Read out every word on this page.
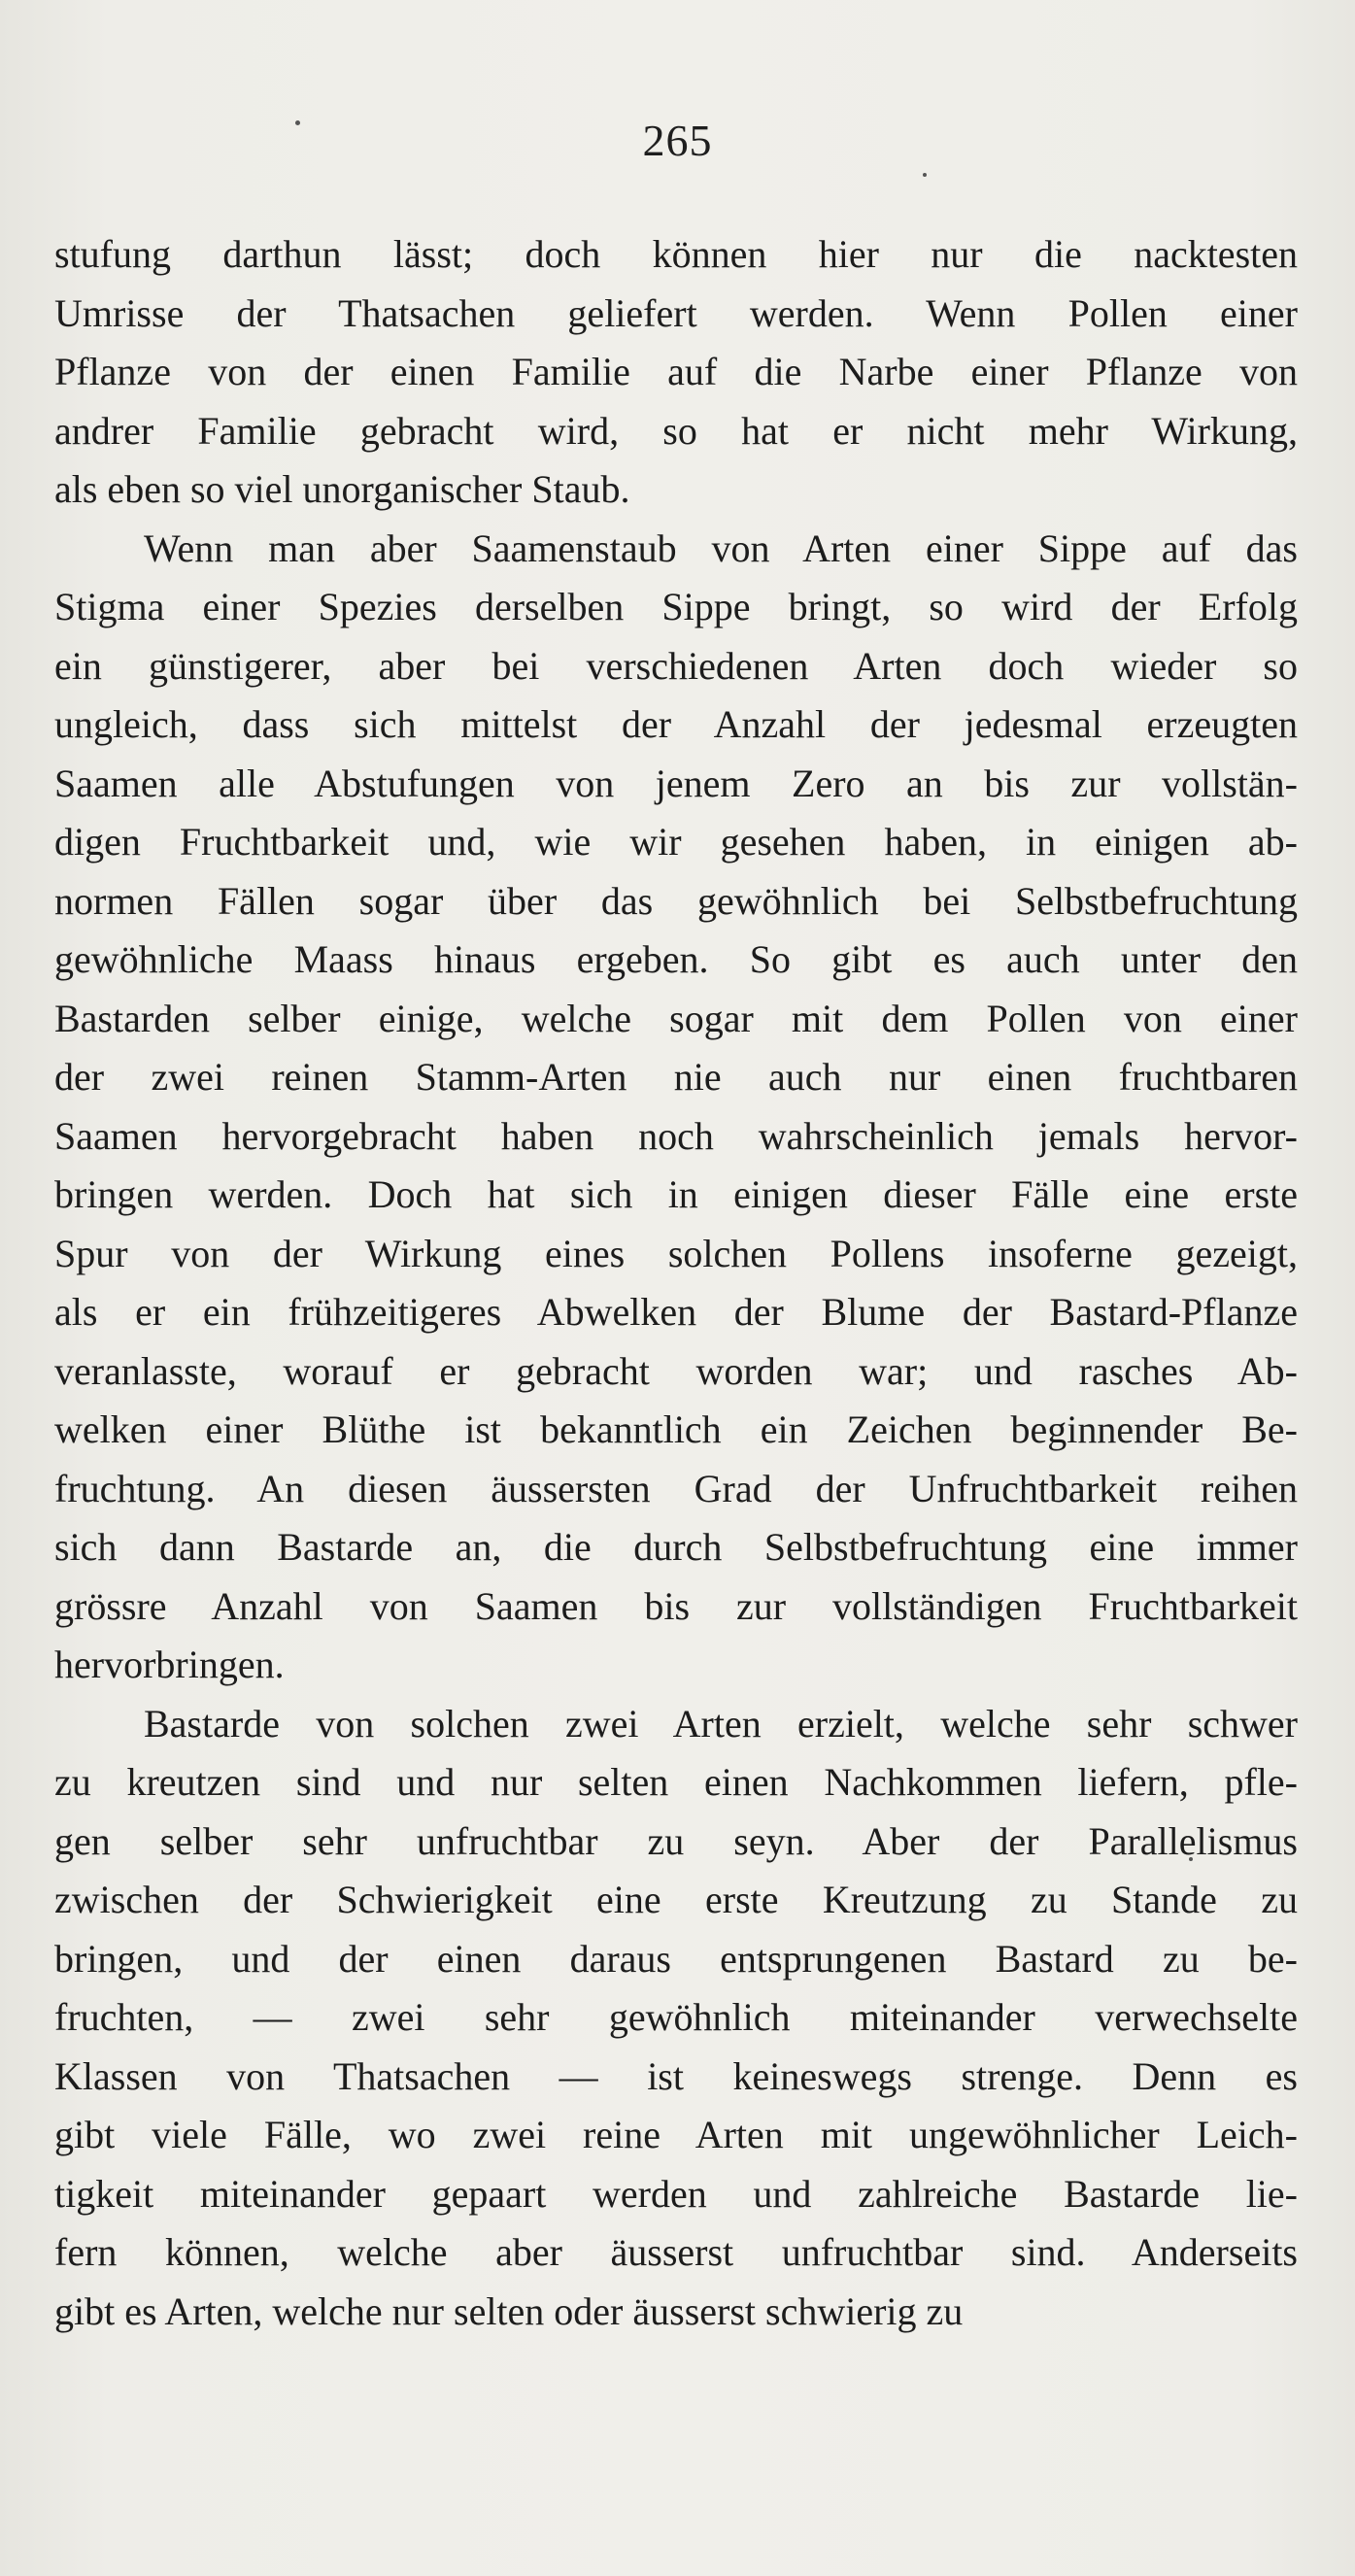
265
stufung darthun lässt; doch können hier nur die nacktesten
Umrisse der Thatsachen geliefert werden. Wenn Pollen einer
Pflanze von der einen Familie auf die Narbe einer Pflanze von
andrer Familie gebracht wird, so hat er nicht mehr Wirkung,
als eben so viel unorganischer Staub.
Wenn man aber Saamenstaub von Arten einer Sippe auf das
Stigma einer Spezies derselben Sippe bringt, so wird der Erfolg
ein günstigerer, aber bei verschiedenen Arten doch wieder so
ungleich, dass sich mittelst der Anzahl der jedesmal erzeugten
Saamen alle Abstufungen von jenem Zero an bis zur vollstän-
digen Fruchtbarkeit und, wie wir gesehen haben, in einigen ab-
normen Fällen sogar über das gewöhnlich bei Selbstbefruchtung
gewöhnliche Maass hinaus ergeben. So gibt es auch unter den
Bastarden selber einige, welche sogar mit dem Pollen von einer
der zwei reinen Stamm-Arten nie auch nur einen fruchtbaren
Saamen hervorgebracht haben noch wahrscheinlich jemals hervor-
bringen werden. Doch hat sich in einigen dieser Fälle eine erste
Spur von der Wirkung eines solchen Pollens insoferne gezeigt,
als er ein frühzeitigeres Abwelken der Blume der Bastard-Pflanze
veranlasste, worauf er gebracht worden war; und rasches Ab-
welken einer Blüthe ist bekanntlich ein Zeichen beginnender Be-
fruchtung. An diesen äussersten Grad der Unfruchtbarkeit reihen
sich dann Bastarde an, die durch Selbstbefruchtung eine immer
grössre Anzahl von Saamen bis zur vollständigen Fruchtbarkeit
hervorbringen.
Bastarde von solchen zwei Arten erzielt, welche sehr schwer
zu kreutzen sind und nur selten einen Nachkommen liefern, pfle-
gen selber sehr unfruchtbar zu seyn. Aber der Parallelismus
zwischen der Schwierigkeit eine erste Kreutzung zu Stande zu
bringen, und der einen daraus entsprungenen Bastard zu be-
fruchten, — zwei sehr gewöhnlich miteinander verwechselte
Klassen von Thatsachen — ist keineswegs strenge. Denn es
gibt viele Fälle, wo zwei reine Arten mit ungewöhnlicher Leich-
tigkeit miteinander gepaart werden und zahlreiche Bastarde lie-
fern können, welche aber äusserst unfruchtbar sind. Anderseits
gibt es Arten, welche nur selten oder äusserst schwierig zu
